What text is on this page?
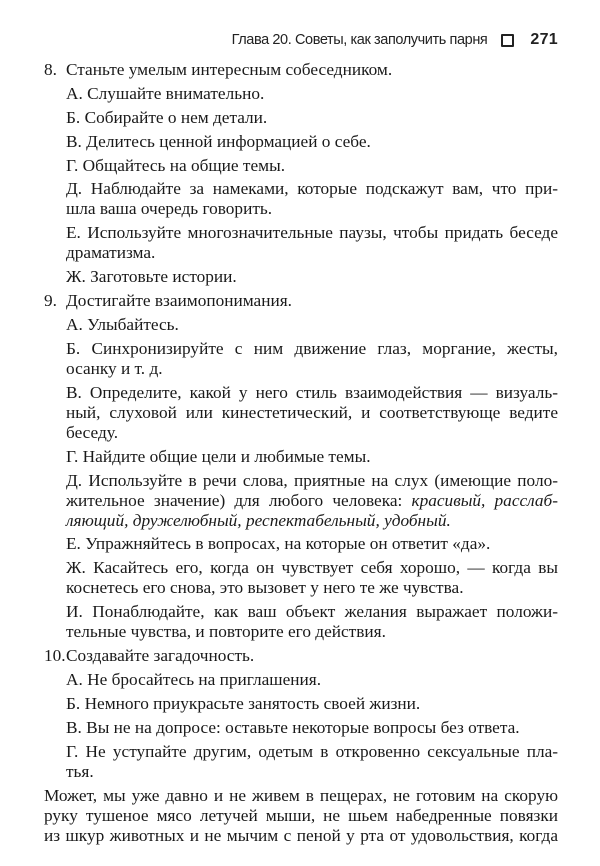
Глава 20. Советы, как заполучить парня	271
8. Станьте умелым интересным собеседником.
А. Слушайте внимательно.
Б. Собирайте о нем детали.
В. Делитесь ценной информацией о себе.
Г. Общайтесь на общие темы.
Д. Наблюдайте за намеками, которые подскажут вам, что при-
шла ваша очередь говорить.
Е. Используйте многозначительные паузы, чтобы придать беседе
драматизма.
Ж. Заготовьте истории.
9. Достигайте взаимопонимания.
А. Улыбайтесь.
Б. Синхронизируйте с ним движение глаз, моргание, жесты,
осанку и т. д.
В. Определите, какой у него стиль взаимодействия — визуаль-
ный, слуховой или кинестетический, и соответствующе ведите
беседу.
Г. Найдите общие цели и любимые темы.
Д. Используйте в речи слова, приятные на слух (имеющие поло-
жительное значение) для любого человека: красивый, расслаб-
ляющий, дружелюбный, респектабельный, удобный.
Е. Упражняйтесь в вопросах, на которые он ответит «да».
Ж. Касайтесь его, когда он чувствует себя хорошо, — когда вы
коснетесь его снова, это вызовет у него те же чувства.
И. Понаблюдайте, как ваш объект желания выражает положи-
тельные чувства, и повторите его действия.
10. Создавайте загадочность.
А. Не бросайтесь на приглашения.
Б. Немного приукрасьте занятость своей жизни.
В. Вы не на допросе: оставьте некоторые вопросы без ответа.
Г. Не уступайте другим, одетым в откровенно сексуальные пла-
тья.
Может, мы уже давно и не живем в пещерах, не готовим на скорую
руку тушеное мясо летучей мыши, не шьем набедренные повязки
из шкур животных и не мычим с пеной у рта от удовольствия, когда
